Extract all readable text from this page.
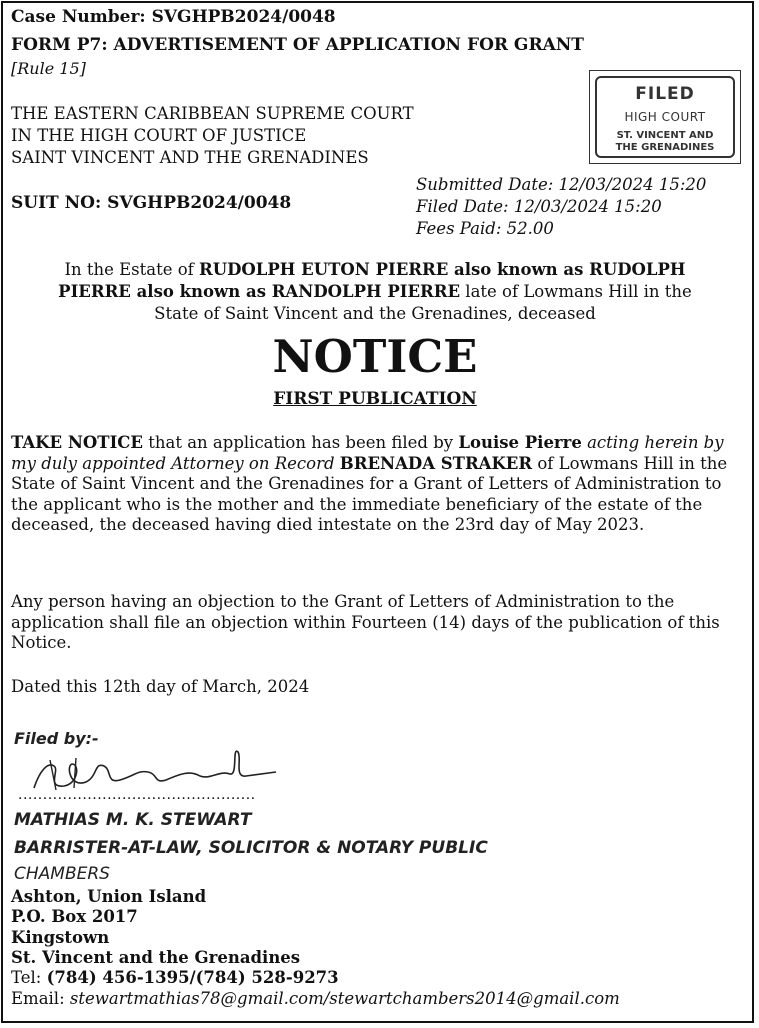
Case Number: SVGHPB2024/0048
FORM P7: ADVERTISEMENT OF APPLICATION FOR GRANT
[Rule 15]
THE EASTERN CARIBBEAN SUPREME COURT
IN THE HIGH COURT OF JUSTICE
SAINT VINCENT AND THE GRENADINES
SUIT NO: SVGHPB2024/0048
FILED
HIGH COURT
ST. VINCENT AND
THE GRENADINES
Submitted Date: 12/03/2024 15:20
Filed Date: 12/03/2024 15:20
Fees Paid: 52.00
In the Estate of RUDOLPH EUTON PIERRE also known as RUDOLPH
PIERRE also known as RANDOLPH PIERRE late of Lowmans Hill in the
State of Saint Vincent and the Grenadines, deceased
NOTICE
FIRST PUBLICATION
TAKE NOTICE that an application has been filed by Louise Pierre acting herein by my duly appointed Attorney on Record BRENADA STRAKER of Lowmans Hill in the State of Saint Vincent and the Grenadines for a Grant of Letters of Administration to the applicant who is the mother and the immediate beneficiary of the estate of the deceased, the deceased having died intestate on the 23rd day of May 2023.
Any person having an objection to the Grant of Letters of Administration to the application shall file an objection within Fourteen (14) days of the publication of this Notice.
Dated this 12th day of March, 2024
Filed by:-
................................................
MATHIAS M. K. STEWART
BARRISTER-AT-LAW, SOLICITOR & NOTARY PUBLIC
CHAMBERS
Ashton, Union Island
P.O. Box 2017
Kingstown
St. Vincent and the Grenadines
Tel: (784) 456-1395/(784) 528-9273
Email: stewartmathias78@gmail.com/stewartchambers2014@gmail.com
